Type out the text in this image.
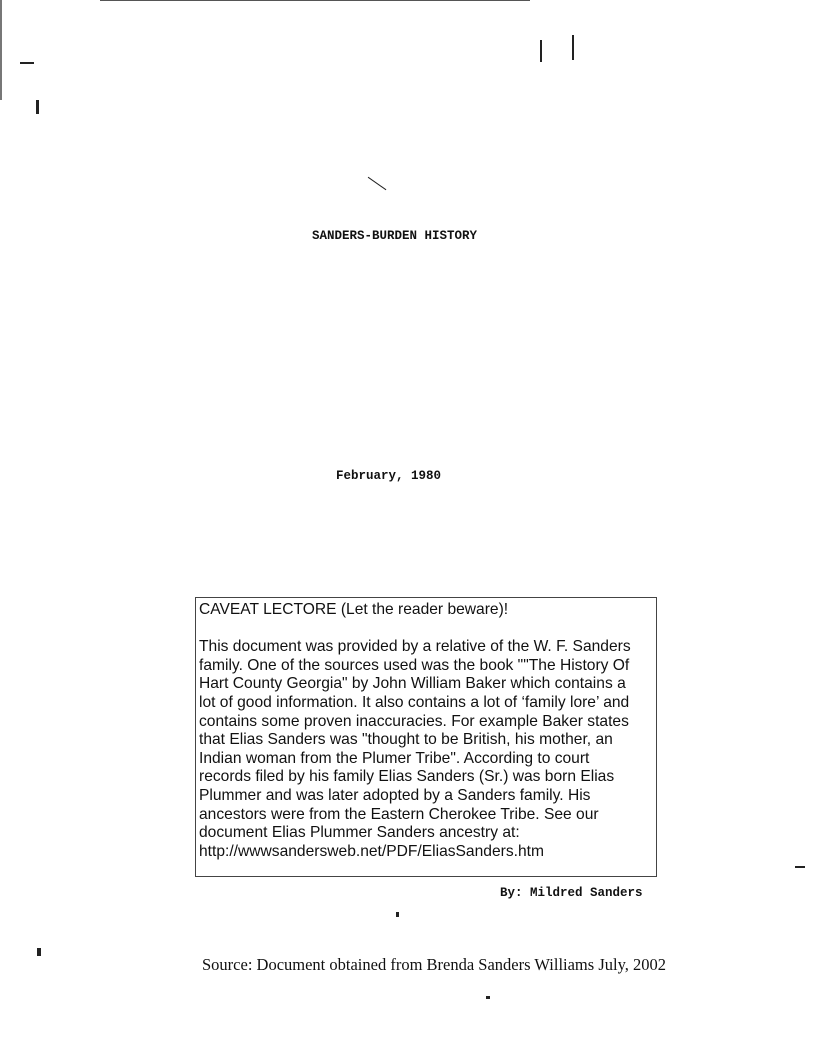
SANDERS-BURDEN HISTORY
February, 1980
CAVEAT LECTORE (Let the reader beware)!
This document was provided by a relative of the W. F. Sanders
family. One of the sources used was the book ""The History Of
Hart County Georgia" by John William Baker which contains a
lot of good information. It also contains a lot of ‘family lore’ and
contains some proven inaccuracies. For example Baker states
that Elias Sanders was "thought to be British, his mother, an
Indian woman from the Plumer Tribe". According to court
records filed by his family Elias Sanders (Sr.) was born Elias
Plummer and was later adopted by a Sanders family. His
ancestors were from the Eastern Cherokee Tribe. See our
document Elias Plummer Sanders ancestry at:
http://wwwsandersweb.net/PDF/EliasSanders.htm
By: Mildred Sanders
Source: Document obtained from Brenda Sanders Williams July, 2002
